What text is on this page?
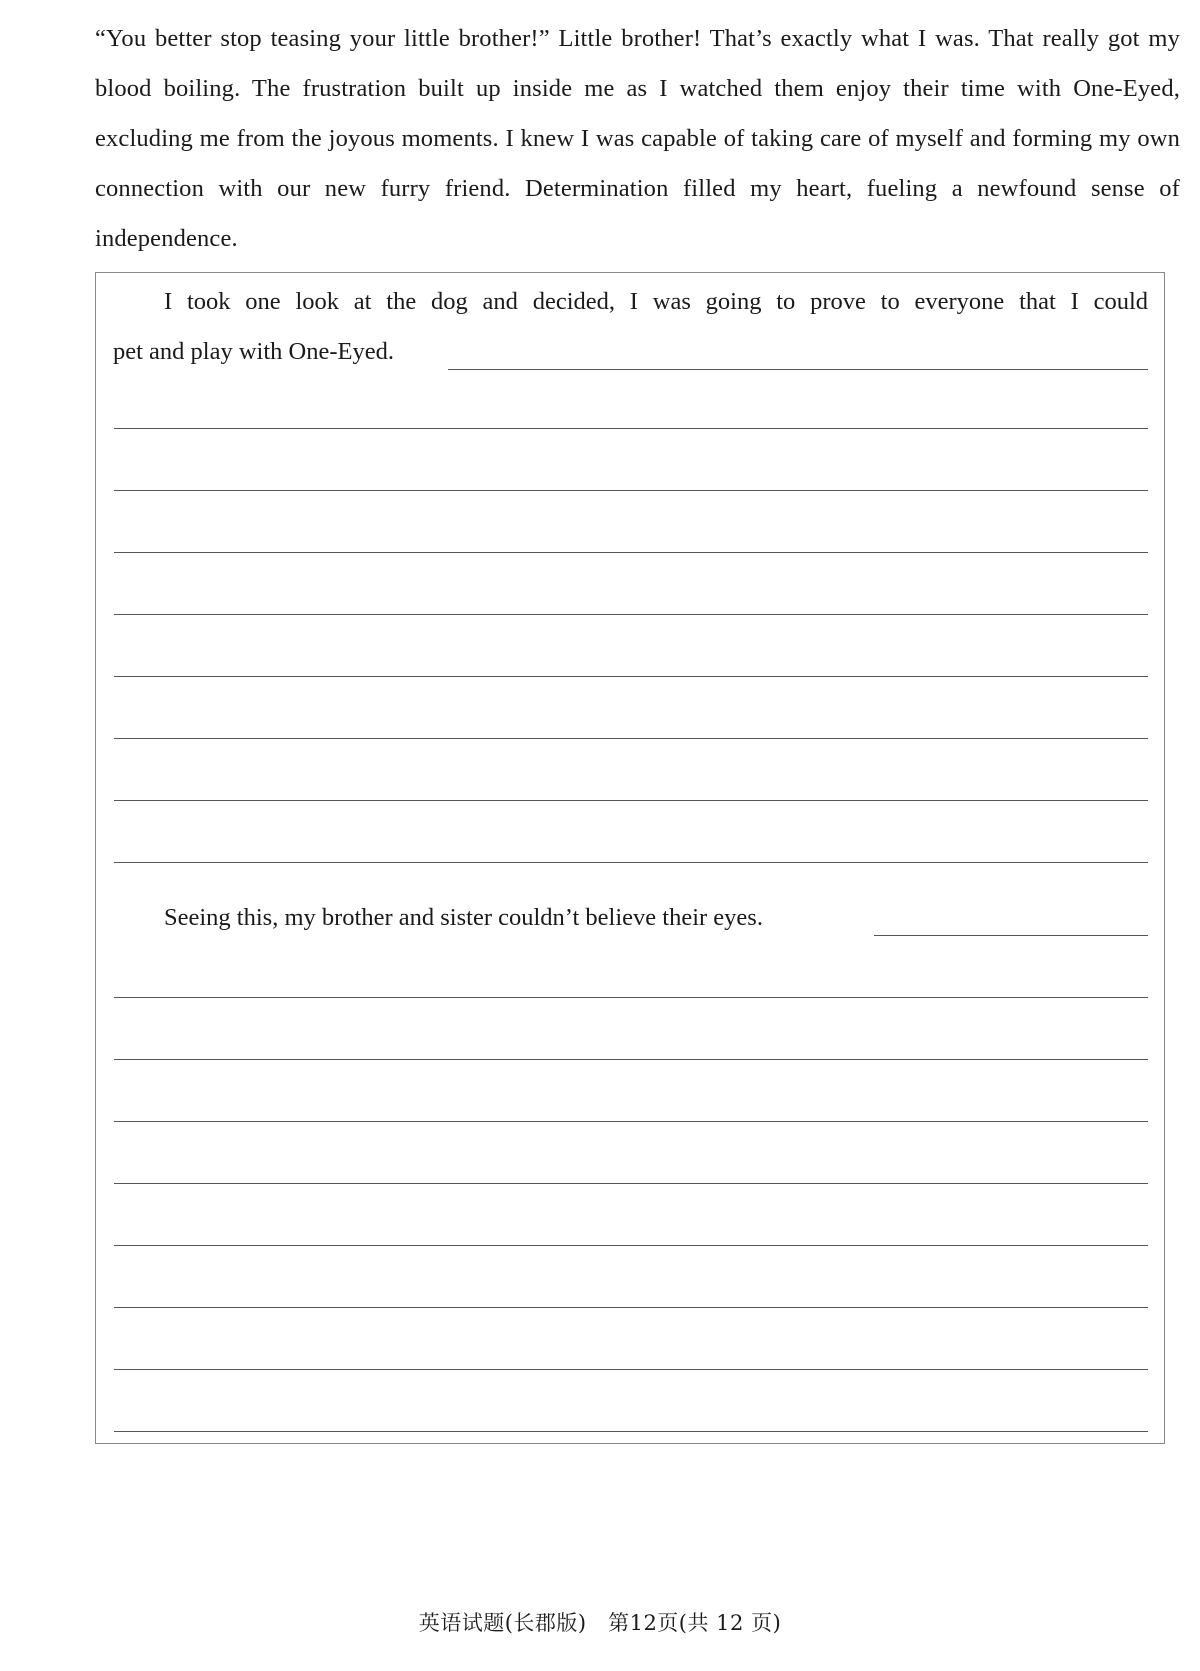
“You better stop teasing your little brother!” Little brother! That’s exactly what I was. That really got my blood boiling. The frustration built up inside me as I watched them enjoy their time with One-Eyed, excluding me from the joyous moments. I knew I was capable of taking care of myself and forming my own connection with our new furry friend. Determination filled my heart, fueling a newfound sense of independence.

I took one look at the dog and decided, I was going to prove to everyone that I could

pet and play with One-Eyed.

Seeing this, my brother and sister couldn’t believe their eyes.

英语试题(长郡版)　第12页(共 12 页)
